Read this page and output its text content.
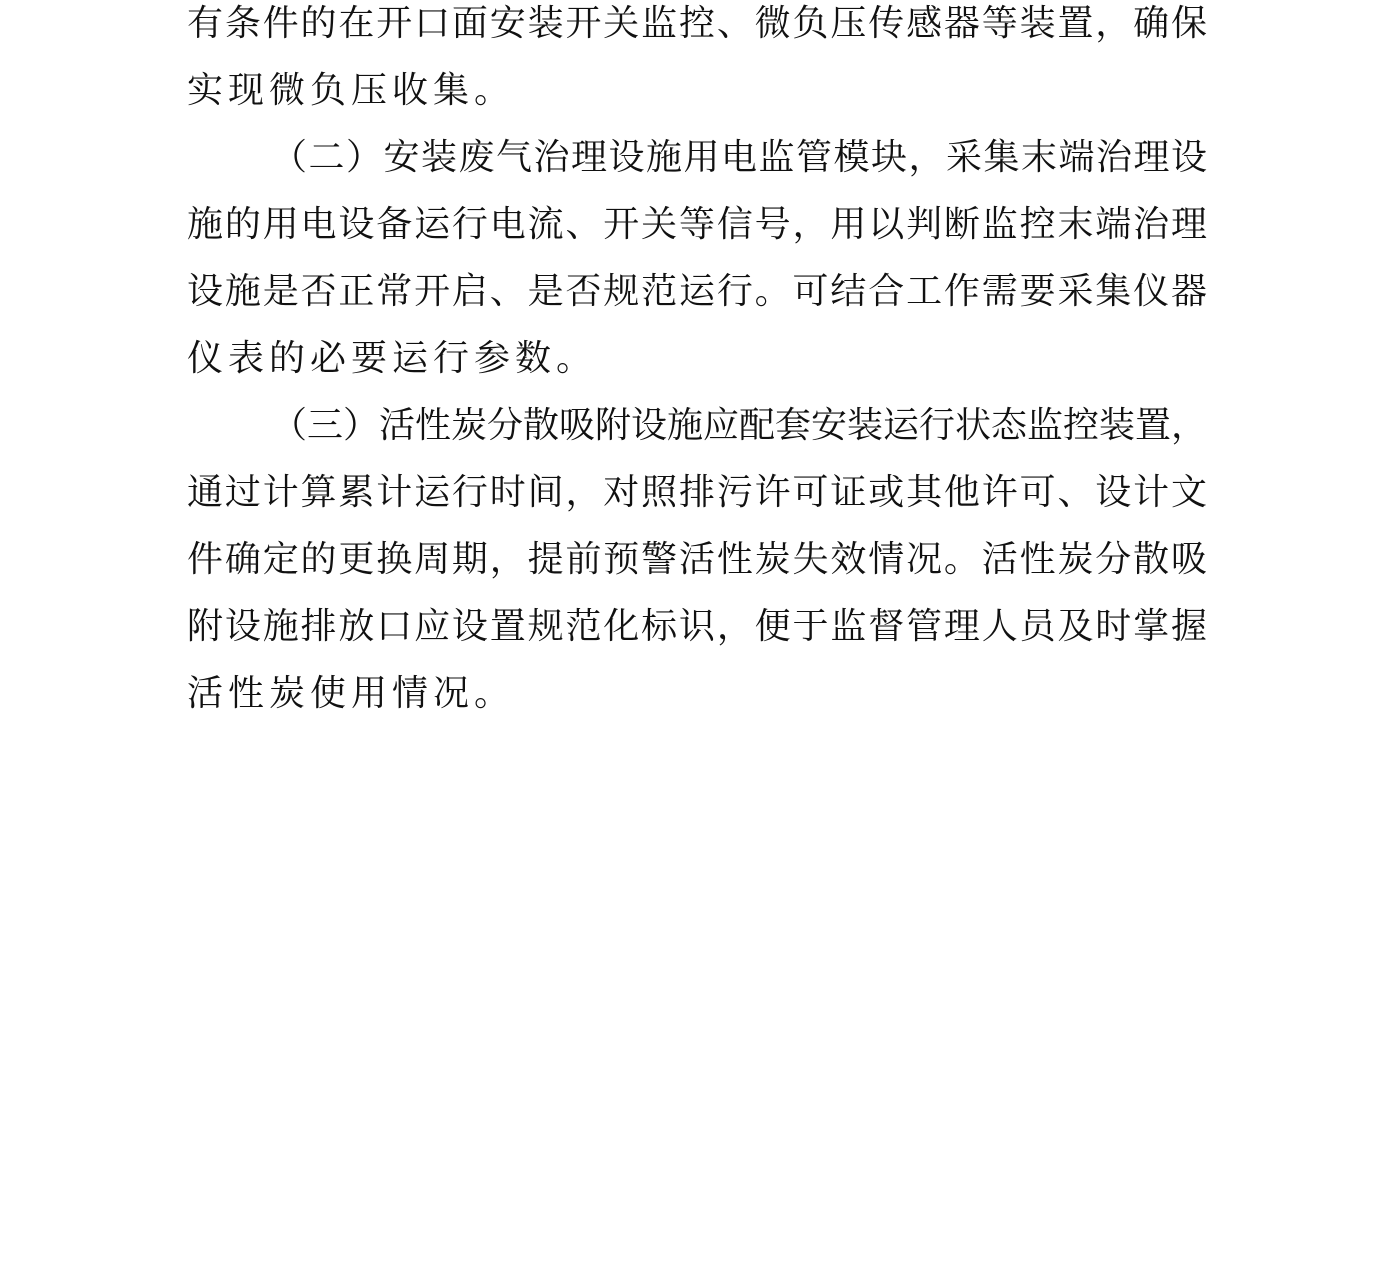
有条件的在开口面安装开关监控、微负压传感器等装置，确保
实现微负压收集。
（二）安装废气治理设施用电监管模块，采集末端治理设
施的用电设备运行电流、开关等信号，用以判断监控末端治理
设施是否正常开启、是否规范运行。可结合工作需要采集仪器
仪表的必要运行参数。
（三）活性炭分散吸附设施应配套安装运行状态监控装置，
通过计算累计运行时间，对照排污许可证或其他许可、设计文
件确定的更换周期，提前预警活性炭失效情况。活性炭分散吸
附设施排放口应设置规范化标识，便于监督管理人员及时掌握
活性炭使用情况。
